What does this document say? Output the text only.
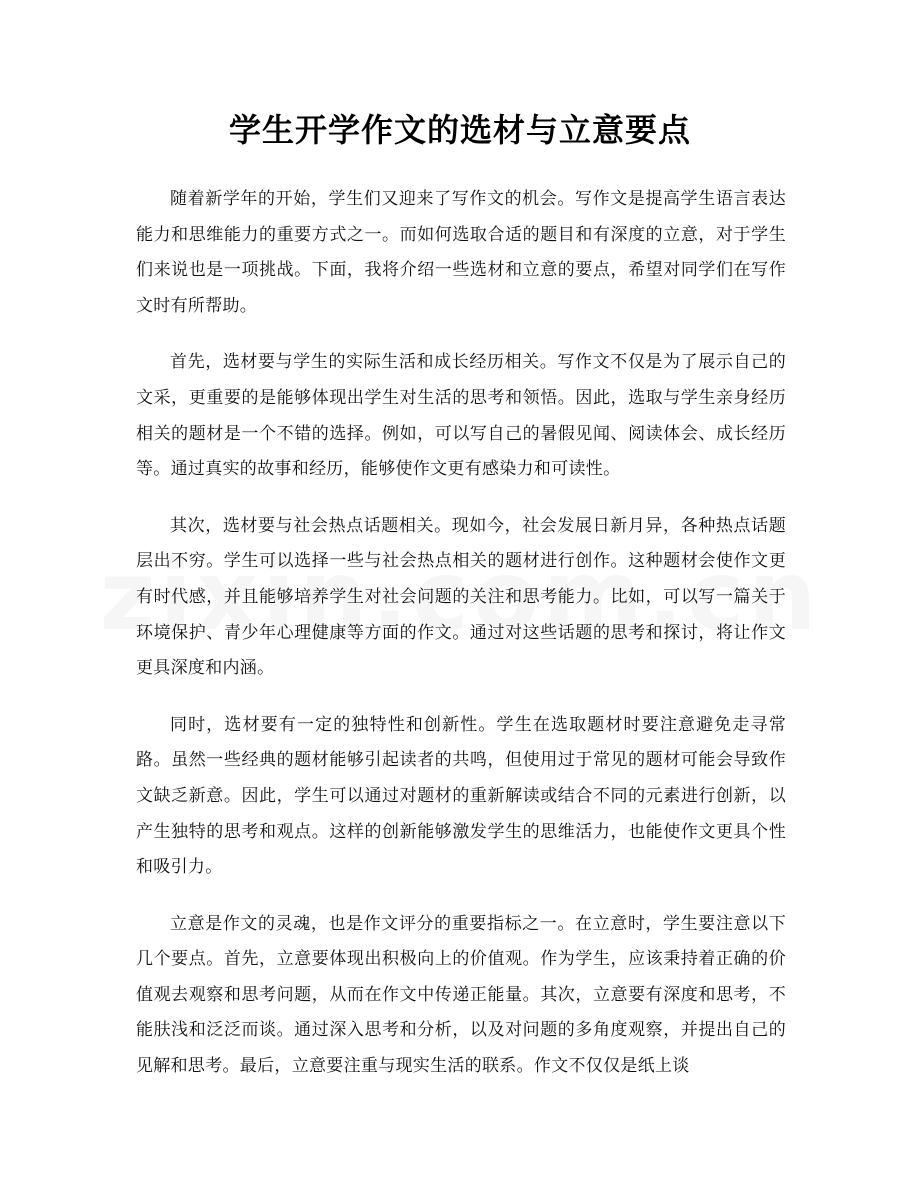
学生开学作文的选材与立意要点

随着新学年的开始，学生们又迎来了写作文的机会。写作文是提高学生语言表达能力和思维能力的重要方式之一。而如何选取合适的题目和有深度的立意，对于学生们来说也是一项挑战。下面，我将介绍一些选材和立意的要点，希望对同学们在写作文时有所帮助。

首先，选材要与学生的实际生活和成长经历相关。写作文不仅是为了展示自己的文采，更重要的是能够体现出学生对生活的思考和领悟。因此，选取与学生亲身经历相关的题材是一个不错的选择。例如，可以写自己的暑假见闻、阅读体会、成长经历等。通过真实的故事和经历，能够使作文更有感染力和可读性。

其次，选材要与社会热点话题相关。现如今，社会发展日新月异，各种热点话题层出不穷。学生可以选择一些与社会热点相关的题材进行创作。这种题材会使作文更有时代感，并且能够培养学生对社会问题的关注和思考能力。比如，可以写一篇关于环境保护、青少年心理健康等方面的作文。通过对这些话题的思考和探讨，将让作文更具深度和内涵。

同时，选材要有一定的独特性和创新性。学生在选取题材时要注意避免走寻常路。虽然一些经典的题材能够引起读者的共鸣，但使用过于常见的题材可能会导致作文缺乏新意。因此，学生可以通过对题材的重新解读或结合不同的元素进行创新，以产生独特的思考和观点。这样的创新能够激发学生的思维活力，也能使作文更具个性和吸引力。

立意是作文的灵魂，也是作文评分的重要指标之一。在立意时，学生要注意以下几个要点。首先，立意要体现出积极向上的价值观。作为学生，应该秉持着正确的价值观去观察和思考问题，从而在作文中传递正能量。其次，立意要有深度和思考，不能肤浅和泛泛而谈。通过深入思考和分析，以及对问题的多角度观察，并提出自己的见解和思考。最后，立意要注重与现实生活的联系。作文不仅仅是纸上谈
